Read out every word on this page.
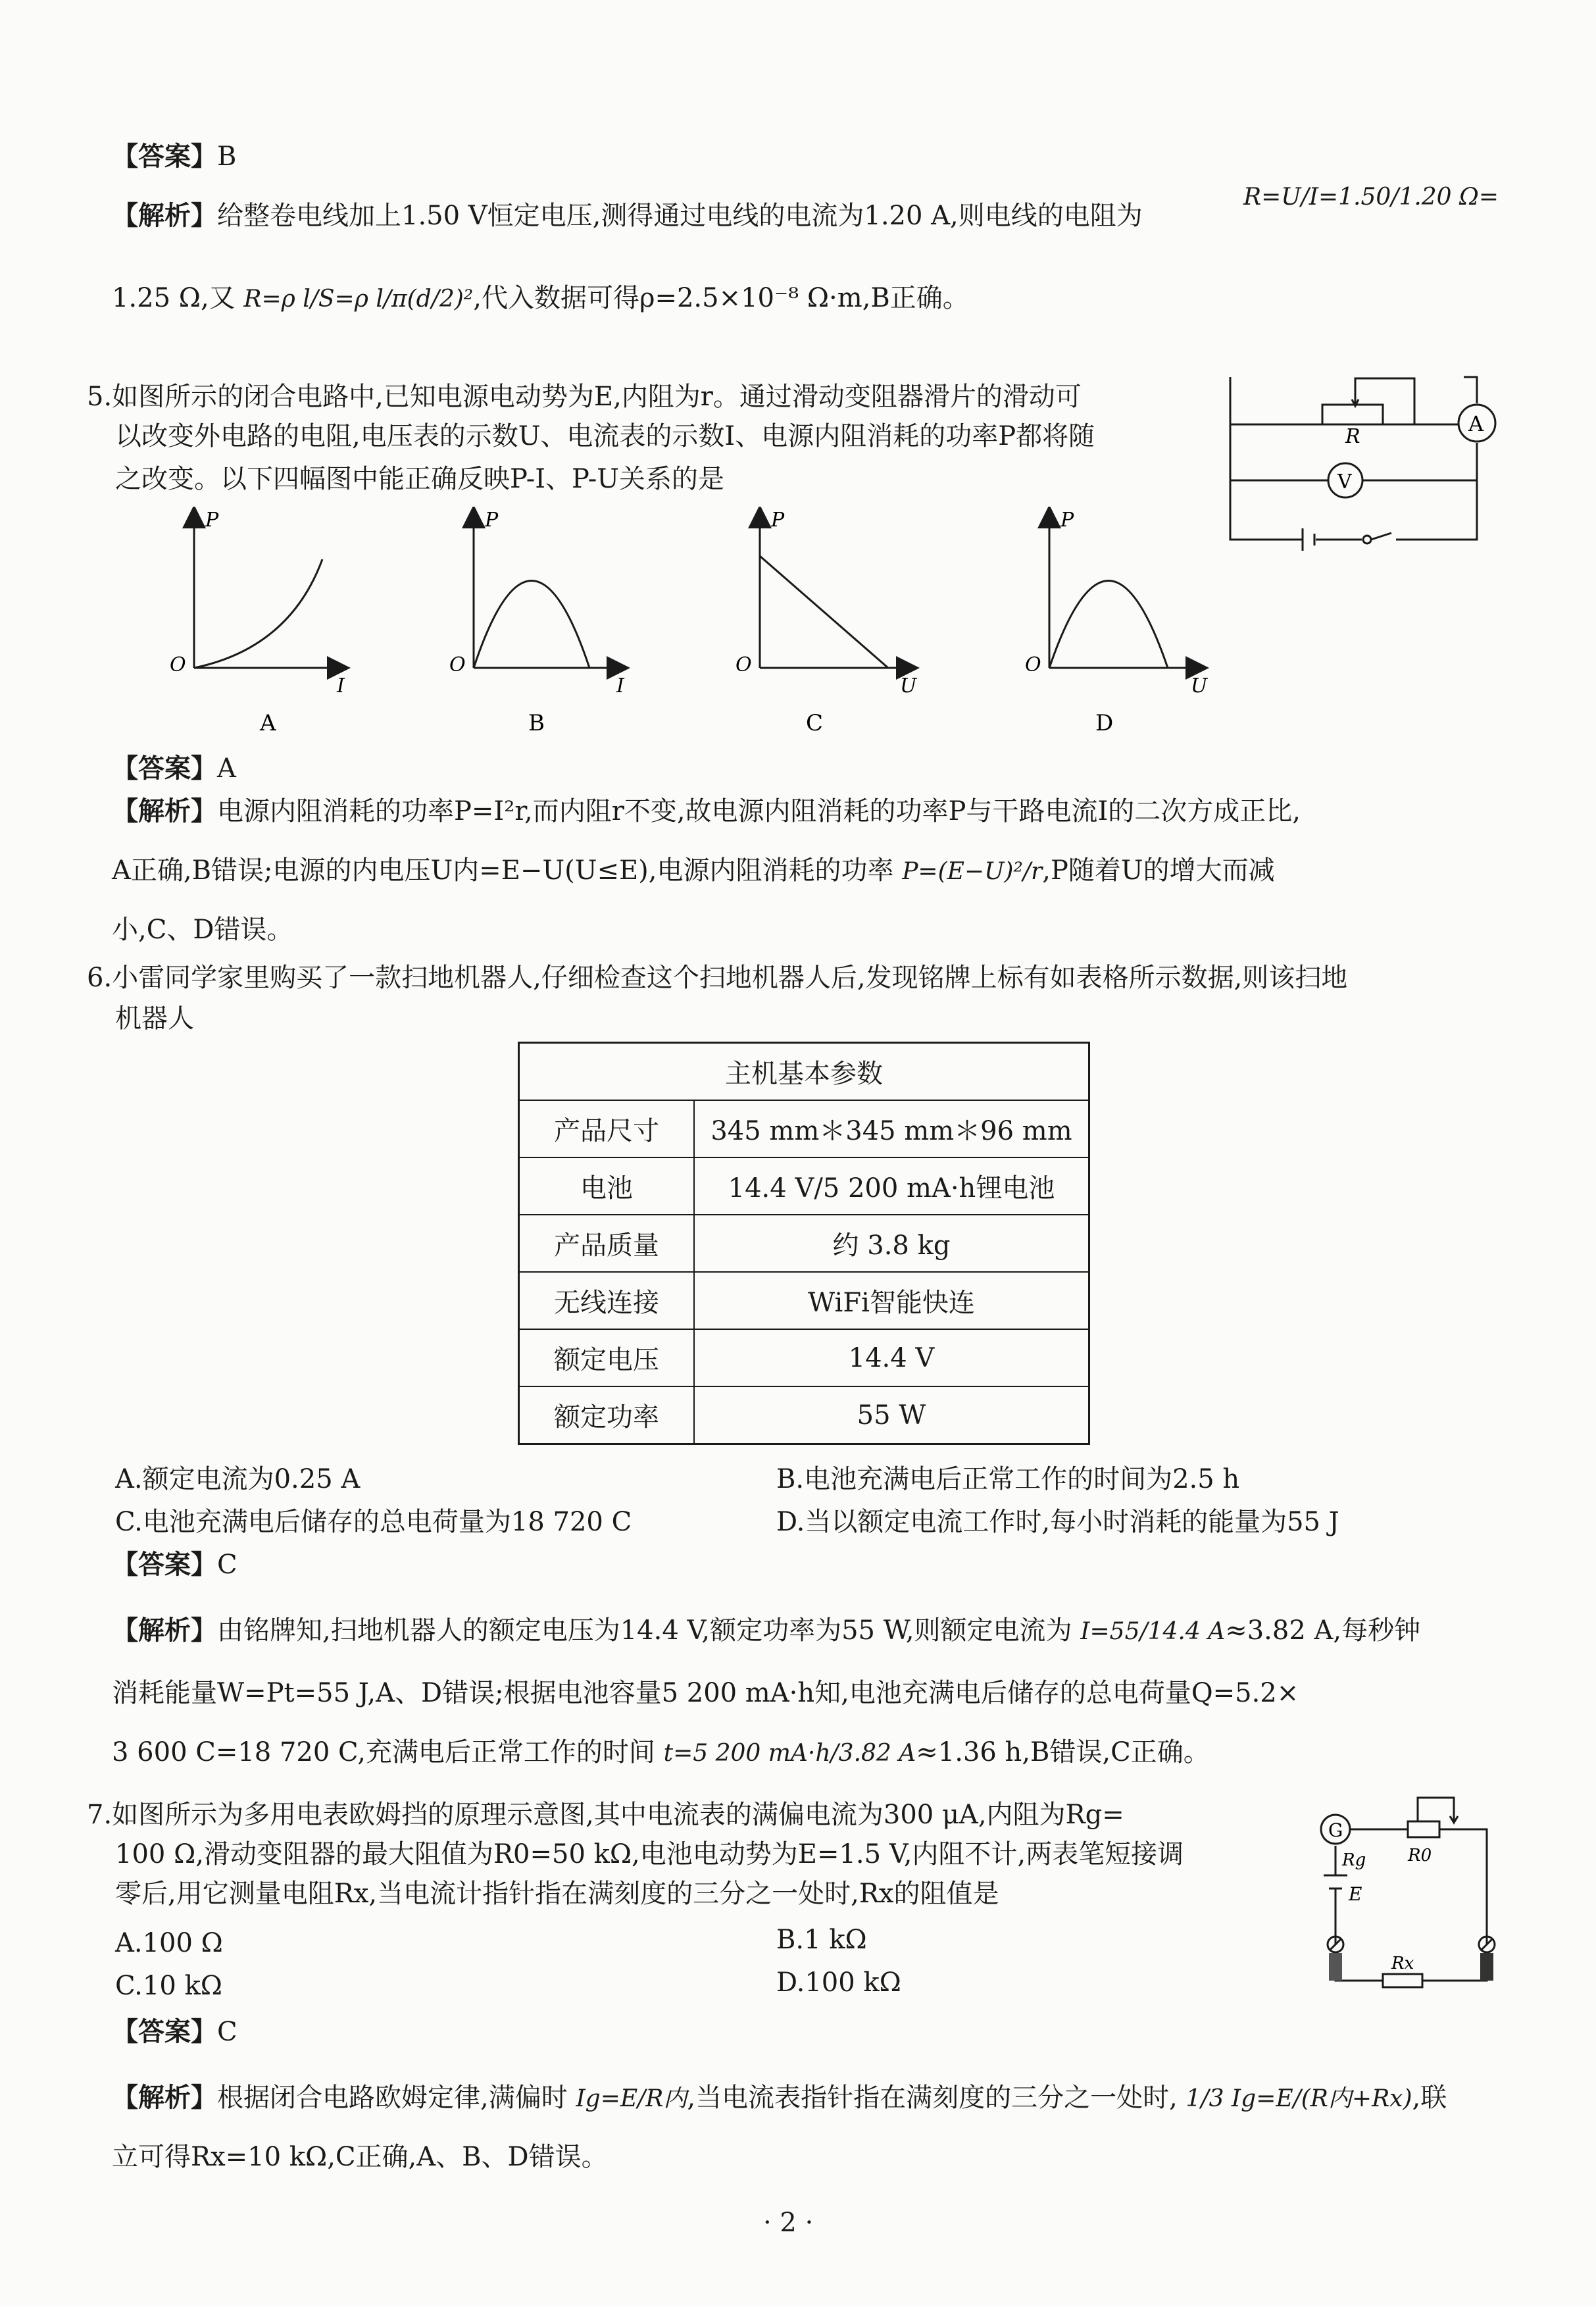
【答案】B
【解析】给整卷电线加上1.50 V恒定电压,测得通过电线的电流为1.20 A,则电线的电阻为
R=U/I=1.50/1.20 Ω=
1.25 Ω,又 R=ρ l/S=ρ l/π(d/2)²,代入数据可得ρ=2.5×10⁻⁸ Ω·m,B正确。
5.如图所示的闭合电路中,已知电源电动势为E,内阻为r。通过滑动变阻器滑片的滑动可
以改变外电路的电阻,电压表的示数U、电流表的示数I、电源内阻消耗的功率P都将随
之改变。以下四幅图中能正确反映P-I、P-U关系的是
A
V
R
P
O
I
P
O
I
P
O
U
P
O
U
A	B	C	D
【答案】A
【解析】电源内阻消耗的功率P=I²r,而内阻r不变,故电源内阻消耗的功率P与干路电流I的二次方成正比,
A正确,B错误;电源的内电压U内=E−U(U≤E),电源内阻消耗的功率 P=(E−U)²/r,P随着U的增大而减
小,C、D错误。
6.小雷同学家里购买了一款扫地机器人,仔细检查这个扫地机器人后,发现铭牌上标有如表格所示数据,则该扫地
机器人
主机基本参数	
产品尺寸	345 mm＊345 mm＊96 mm
电池	14.4 V/5 200 mA·h锂电池
产品质量	约 3.8 kg
无线连接	WiFi智能快连
额定电压	14.4 V
额定功率	55 W
A.额定电流为0.25 A	B.电池充满电后正常工作的时间为2.5 h
C.电池充满电后储存的总电荷量为18 720 C	D.当以额定电流工作时,每小时消耗的能量为55 J
【答案】C
【解析】由铭牌知,扫地机器人的额定电压为14.4 V,额定功率为55 W,则额定电流为 I=55/14.4 A≈3.82 A,每秒钟
消耗能量W=Pt=55 J,A、D错误;根据电池容量5 200 mA·h知,电池充满电后储存的总电荷量Q=5.2×
3 600 C=18 720 C,充满电后正常工作的时间 t=5 200 mA·h/3.82 A≈1.36 h,B错误,C正确。
7.如图所示为多用电表欧姆挡的原理示意图,其中电流表的满偏电流为300 μA,内阻为Rg=
100 Ω,滑动变阻器的最大阻值为R0=50 kΩ,电池电动势为E=1.5 V,内阻不计,两表笔短接调
零后,用它测量电阻Rx,当电流计指针指在满刻度的三分之一处时,Rx的阻值是
G
Rg R0
E
Rx
A.100 Ω	B.1 kΩ
C.10 kΩ	D.100 kΩ
【答案】C
【解析】根据闭合电路欧姆定律,满偏时 Ig=E/R内,当电流表指针指在满刻度的三分之一处时, 1/3 Ig=E/(R内+Rx),联
立可得Rx=10 kΩ,C正确,A、B、D错误。
· 2 ·
